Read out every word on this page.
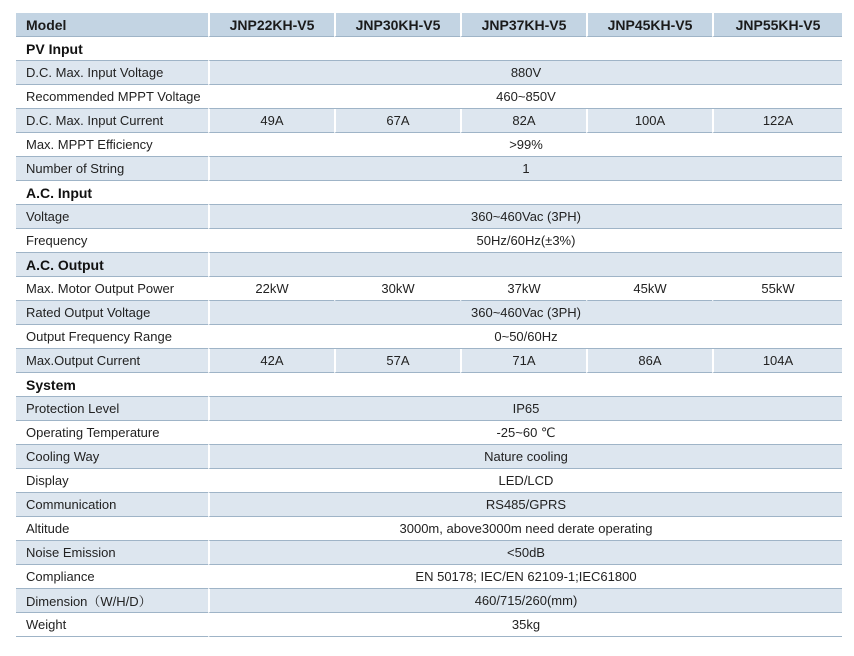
Model	JNP22KH-V5	JNP30KH-V5	JNP37KH-V5	JNP45KH-V5	JNP55KH-V5
PV Input					
D.C. Max. Input Voltage	880V				
Recommended MPPT Voltage	460~850V				
D.C. Max. Input Current	49A	67A	82A	100A	122A
Max. MPPT Efficiency	>99%				
Number of String	1				
A.C. Input					
Voltage	360~460Vac (3PH)				
Frequency	50Hz/60Hz(±3%)				
A.C. Output					
Max. Motor Output Power	22kW	30kW	37kW	45kW	55kW
Rated Output Voltage	360~460Vac (3PH)				
Output Frequency Range	0~50/60Hz				
Max.Output Current	42A	57A	71A	86A	104A
System					
Protection Level	IP65				
Operating Temperature	-25~60 ℃				
Cooling Way	Nature cooling				
Display	LED/LCD				
Communication	RS485/GPRS				
Altitude	3000m, above3000m need derate operating				
Noise Emission	<50dB				
Compliance	EN 50178; IEC/EN 62109-1;IEC61800				
Dimension（W/H/D）	460/715/260(mm)				
Weight	35kg				
